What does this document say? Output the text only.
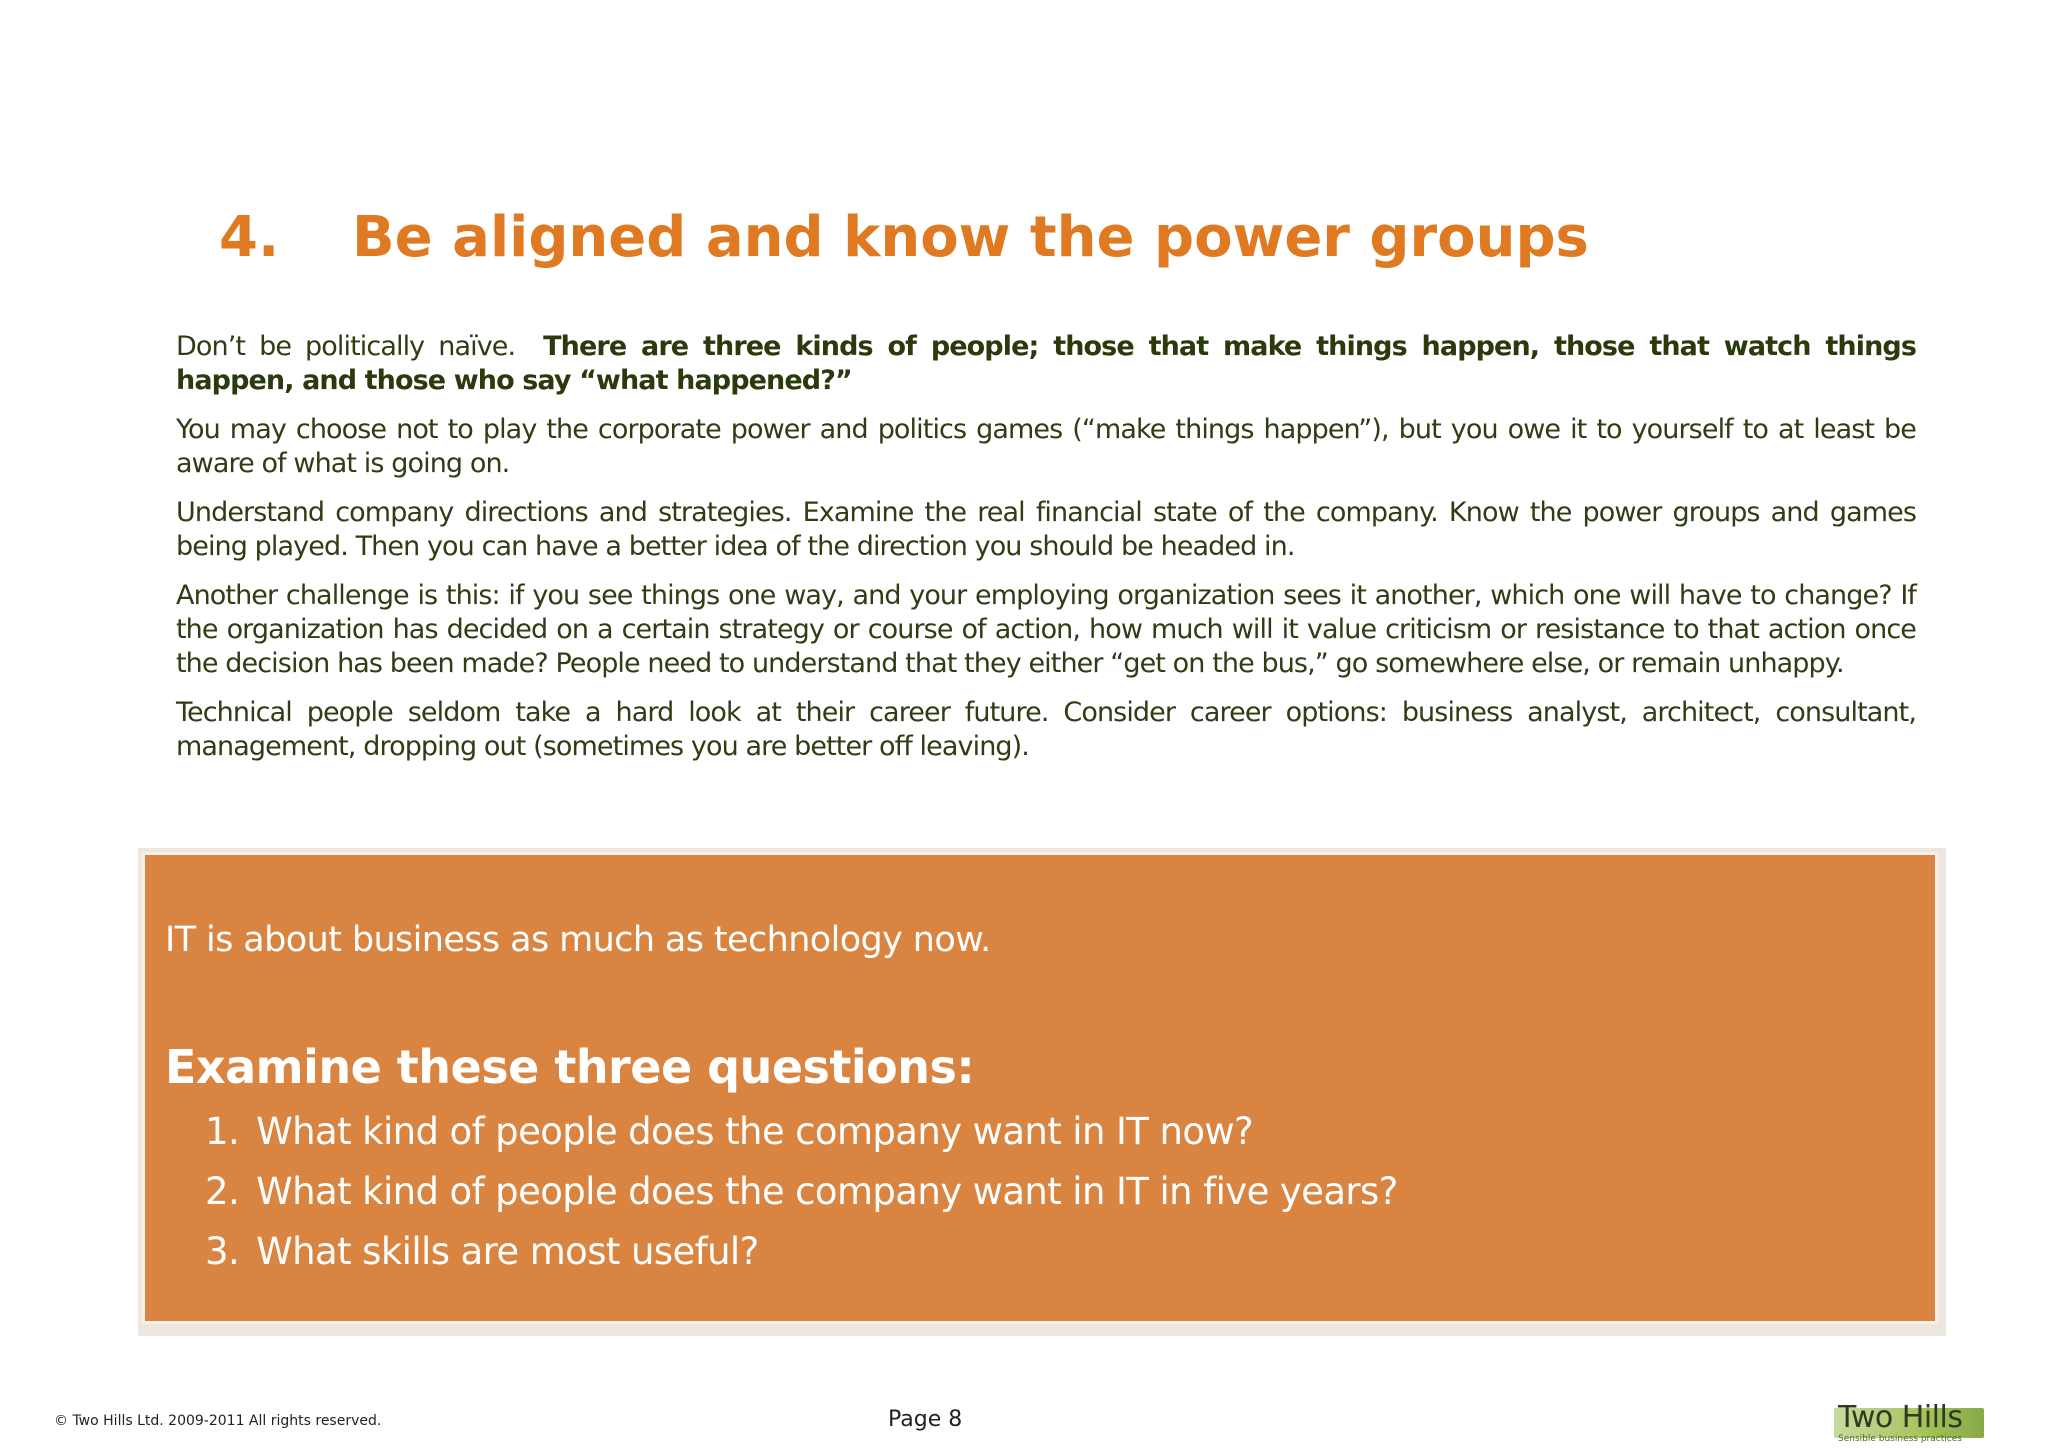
4. Be aligned and know the power groups

Don’t be politically naïve. There are three kinds of people; those that make things happen, those that watch things happen, and those who say “what happened?”

You may choose not to play the corporate power and politics games (“make things happen”), but you owe it to yourself to at least be aware of what is going on.

Understand company directions and strategies. Examine the real financial state of the company. Know the power groups and games being played. Then you can have a better idea of the direction you should be headed in.

Another challenge is this: if you see things one way, and your employing organization sees it another, which one will have to change? If the organization has decided on a certain strategy or course of action, how much will it value criticism or resistance to that action once the decision has been made? People need to understand that they either “get on the bus,” go somewhere else, or remain unhappy.

Technical people seldom take a hard look at their career future. Consider career options: business analyst, architect, consultant, management, dropping out (sometimes you are better off leaving).

IT is about business as much as technology now.

Examine these three questions:

1. What kind of people does the company want in IT now?
2. What kind of people does the company want in IT in five years?
3. What skills are most useful?
© Two Hills Ltd. 2009-2011 All rights reserved.	Page 8	Two Hills
Sensible business practices
